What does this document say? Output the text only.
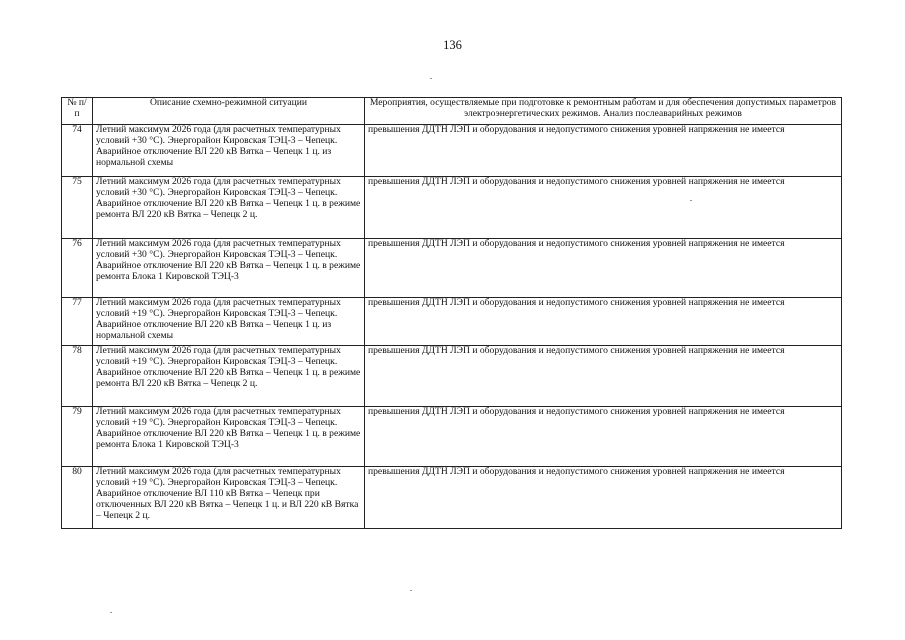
136
№ п/п	Описание схемно-режимной ситуации	Мероприятия, осуществляемые при подготовке к ремонтным работам и для обеспечения допустимых параметров электроэнергетических режимов. Анализ послеаварийных режимов
74	Летний максимум 2026 года (для расчетных температурных условий +30 °С). Энергорайон Кировская ТЭЦ-3 – Чепецк. Аварийное отключение ВЛ 220 кВ Вятка – Чепецк 1 ц. из нормальной схемы	превышения ДДТН ЛЭП и оборудования и недопустимого снижения уровней напряжения не имеется
75	Летний максимум 2026 года (для расчетных температурных условий +30 °С). Энергорайон Кировская ТЭЦ-3 – Чепецк. Аварийное отключение ВЛ 220 кВ Вятка – Чепецк 1 ц. в режиме ремонта ВЛ 220 кВ Вятка – Чепецк 2 ц.	превышения ДДТН ЛЭП и оборудования и недопустимого снижения уровней напряжения не имеется
76	Летний максимум 2026 года (для расчетных температурных условий +30 °С). Энергорайон Кировская ТЭЦ-3 – Чепецк. Аварийное отключение ВЛ 220 кВ Вятка – Чепецк 1 ц. в режиме ремонта Блока 1 Кировской ТЭЦ-3	превышения ДДТН ЛЭП и оборудования и недопустимого снижения уровней напряжения не имеется
77	Летний максимум 2026 года (для расчетных температурных условий +19 °С). Энергорайон Кировская ТЭЦ-3 – Чепецк. Аварийное отключение ВЛ 220 кВ Вятка – Чепецк 1 ц. из нормальной схемы	превышения ДДТН ЛЭП и оборудования и недопустимого снижения уровней напряжения не имеется
78	Летний максимум 2026 года (для расчетных температурных условий +19 °С). Энергорайон Кировская ТЭЦ-3 – Чепецк. Аварийное отключение ВЛ 220 кВ Вятка – Чепецк 1 ц. в режиме ремонта ВЛ 220 кВ Вятка – Чепецк 2 ц.	превышения ДДТН ЛЭП и оборудования и недопустимого снижения уровней напряжения не имеется
79	Летний максимум 2026 года (для расчетных температурных условий +19 °С). Энергорайон Кировская ТЭЦ-3 – Чепецк. Аварийное отключение ВЛ 220 кВ Вятка – Чепецк 1 ц. в режиме ремонта Блока 1 Кировской ТЭЦ-3	превышения ДДТН ЛЭП и оборудования и недопустимого снижения уровней напряжения не имеется
80	Летний максимум 2026 года (для расчетных температурных условий +19 °С). Энергорайон Кировская ТЭЦ-3 – Чепецк. Аварийное отключение ВЛ 110 кВ Вятка – Чепецк при отключенных ВЛ 220 кВ Вятка – Чепецк 1 ц. и ВЛ 220 кВ Вятка – Чепецк 2 ц.	превышения ДДТН ЛЭП и оборудования и недопустимого снижения уровней напряжения не имеется
